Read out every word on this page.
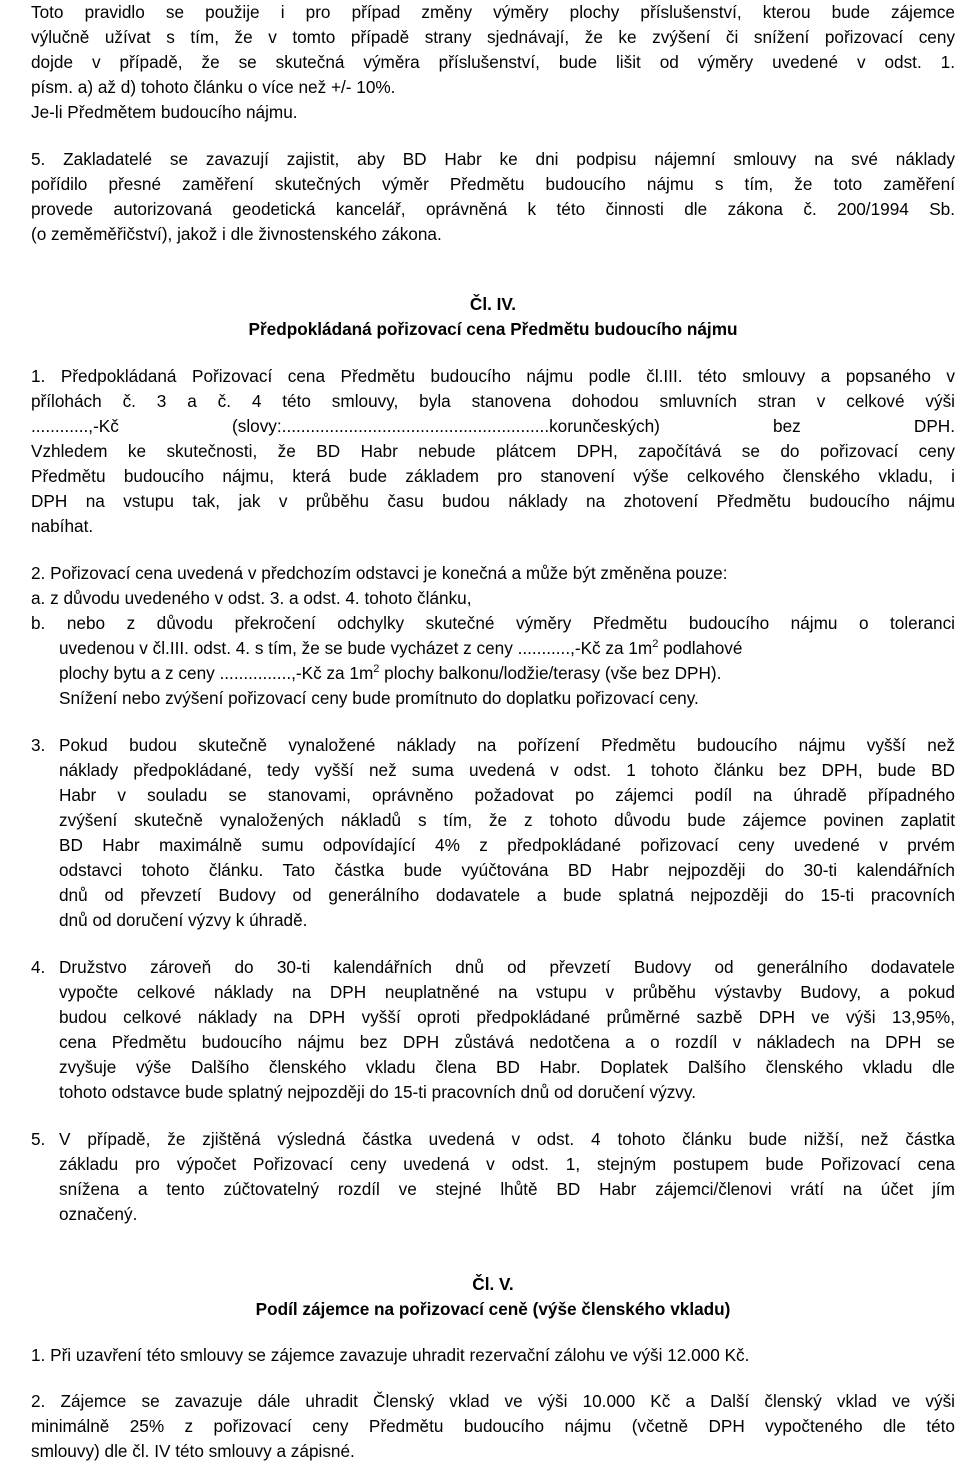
Toto pravidlo se použije i pro případ změny výměry plochy příslušenství, kterou bude zájemce
výlučně užívat s tím, že v tomto případě strany sjednávají, že ke zvýšení či snížení pořizovací ceny
dojde v případě, že se skutečná výměra příslušenství, bude lišit od výměry uvedené v odst. 1.
písm. a) až d) tohoto článku o více než +/- 10%.
Je-li Předmětem budoucího nájmu.
5. Zakladatelé se zavazují zajistit, aby BD Habr ke dni podpisu nájemní smlouvy na své náklady
pořídilo přesné zaměření skutečných výměr Předmětu budoucího nájmu s tím, že toto zaměření
provede autorizovaná geodetická kancelář, oprávněná k této činnosti dle zákona č. 200/1994 Sb.
(o zeměměřičství), jakož i dle živnostenského zákona.
Čl. IV.
Předpokládaná pořizovací cena Předmětu budoucího nájmu
1. Předpokládaná Pořizovací cena Předmětu budoucího nájmu podle čl.III. této smlouvy a popsaného v
přílohách č. 3 a č. 4 této smlouvy, byla stanovena dohodou smluvních stran v celkové výši
............,-Kč (slovy:........................................................korunčeských) bez DPH.
Vzhledem ke skutečnosti, že BD Habr nebude plátcem DPH, započítává se do pořizovací ceny
Předmětu budoucího nájmu, která bude základem pro stanovení výše celkového členského vkladu, i
DPH na vstupu tak, jak v průběhu času budou náklady na zhotovení Předmětu budoucího nájmu
nabíhat.
2. Pořizovací cena uvedená v předchozím odstavci je konečná a může být změněna pouze:
a. z důvodu uvedeného v odst. 3. a odst. 4. tohoto článku,
b. nebo z důvodu překročení odchylky skutečné výměry Předmětu budoucího nájmu o toleranci
uvedenou v čl.III. odst. 4. s tím, že se bude vycházet z ceny ...........,-Kč za $1m^2$ podlahové
plochy bytu a z ceny ...............,-Kč za $1m^2$ plochy balkonu/lodžie/terasy (vše bez DPH).
Snížení nebo zvýšení pořizovací ceny bude promítnuto do doplatku pořizovací ceny.
3. Pokud budou skutečně vynaložené náklady na pořízení Předmětu budoucího nájmu vyšší než
náklady předpokládané, tedy vyšší než suma uvedená v odst. 1 tohoto článku bez DPH, bude BD
Habr v souladu se stanovami, oprávněno požadovat po zájemci podíl na úhradě případného
zvýšení skutečně vynaložených nákladů s tím, že z tohoto důvodu bude zájemce povinen zaplatit
BD Habr maximálně sumu odpovídající 4% z předpokládané pořizovací ceny uvedené v prvém
odstavci tohoto článku. Tato částka bude vyúčtována BD Habr nejpozději do 30-ti kalendářních
dnů od převzetí Budovy od generálního dodavatele a bude splatná nejpozději do 15-ti pracovních
dnů od doručení výzvy k úhradě.
4. Družstvo zároveň do 30-ti kalendářních dnů od převzetí Budovy od generálního dodavatele
vypočte celkové náklady na DPH neuplatněné na vstupu v průběhu výstavby Budovy, a pokud
budou celkové náklady na DPH vyšší oproti předpokládané průměrné sazbě DPH ve výši 13,95%,
cena Předmětu budoucího nájmu bez DPH zůstává nedotčena a o rozdíl v nákladech na DPH se
zvyšuje výše Dalšího členského vkladu člena BD Habr. Doplatek Dalšího členského vkladu dle
tohoto odstavce bude splatný nejpozději do 15-ti pracovních dnů od doručení výzvy.
5. V případě, že zjištěná výsledná částka uvedená v odst. 4 tohoto článku bude nižší, než částka
základu pro výpočet Pořizovací ceny uvedená v odst. 1, stejným postupem bude Pořizovací cena
snížena a tento zúčtovatelný rozdíl ve stejné lhůtě BD Habr zájemci/členovi vrátí na účet jím
označený.
Čl. V.
Podíl zájemce na pořizovací ceně (výše členského vkladu)
1. Při uzavření této smlouvy se zájemce zavazuje uhradit rezervační zálohu ve výši 12.000 Kč.
2. Zájemce se zavazuje dále uhradit Členský vklad ve výši 10.000 Kč a Další členský vklad ve výši
minimálně 25% z pořizovací ceny Předmětu budoucího nájmu (včetně DPH vypočteného dle této
smlouvy) dle čl. IV této smlouvy a zápisné.
